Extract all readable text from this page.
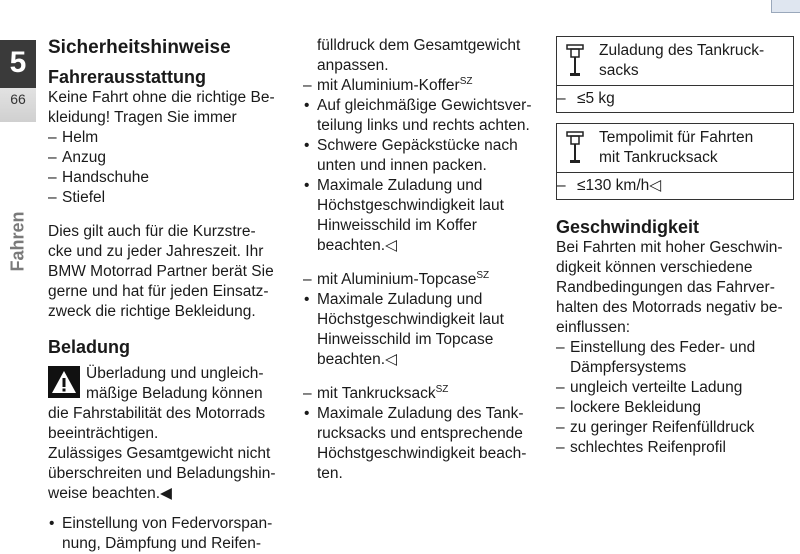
5
66
Fahren
Sicherheitshinweise
Fahrerausstattung

Keine Fahrt ohne die richtige Be-

kleidung! Tragen Sie immer

– Helm
– Anzug
– Handschuhe
– Stiefel

Dies gilt auch für die Kurzstre-

cke und zu jeder Jahreszeit. Ihr

BMW Motorrad Partner berät Sie

gerne und hat für jeden Einsatz-

zweck die richtige Bekleidung.

Beladung

Überladung und ungleich-

mäßige Beladung können

die Fahrstabilität des Motorrads

beeinträchtigen.

Zulässiges Gesamtgewicht nicht

überschreiten und Beladungshin-

weise beachten.◀

• Einstellung von Federvorspan-
nung, Dämpfung und Reifen-

fülldruck dem Gesamtgewicht

anpassen.

– mit Aluminium-Koffer$^{SZ}$
• Auf gleichmäßige Gewichtsver-
teilung links und rechts achten.
• Schwere Gepäckstücke nach
unten und innen packen.
• Maximale Zuladung und
Höchstgeschwindigkeit laut
Hinweisschild im Koffer
beachten.◁
– mit Aluminium-Topcase$^{SZ}$
• Maximale Zuladung und
Höchstgeschwindigkeit laut
Hinweisschild im Topcase
beachten.◁
– mit Tankrucksack$^{SZ}$
• Maximale Zuladung des Tank-
rucksacks und entsprechende
Höchstgeschwindigkeit beach-
ten.
Zuladung des Tankruck-
sacks
– ≤5 kg
Tempolimit für Fahrten
mit Tankrucksack
– ≤130 km/h◁
Geschwindigkeit

Bei Fahrten mit hoher Geschwin-

digkeit können verschiedene

Randbedingungen das Fahrver-

halten des Motorrads negativ be-

einflussen:

– Einstellung des Feder- und
Dämpfersystems
– ungleich verteilte Ladung
– lockere Bekleidung
– zu geringer Reifenfülldruck
– schlechtes Reifenprofil
